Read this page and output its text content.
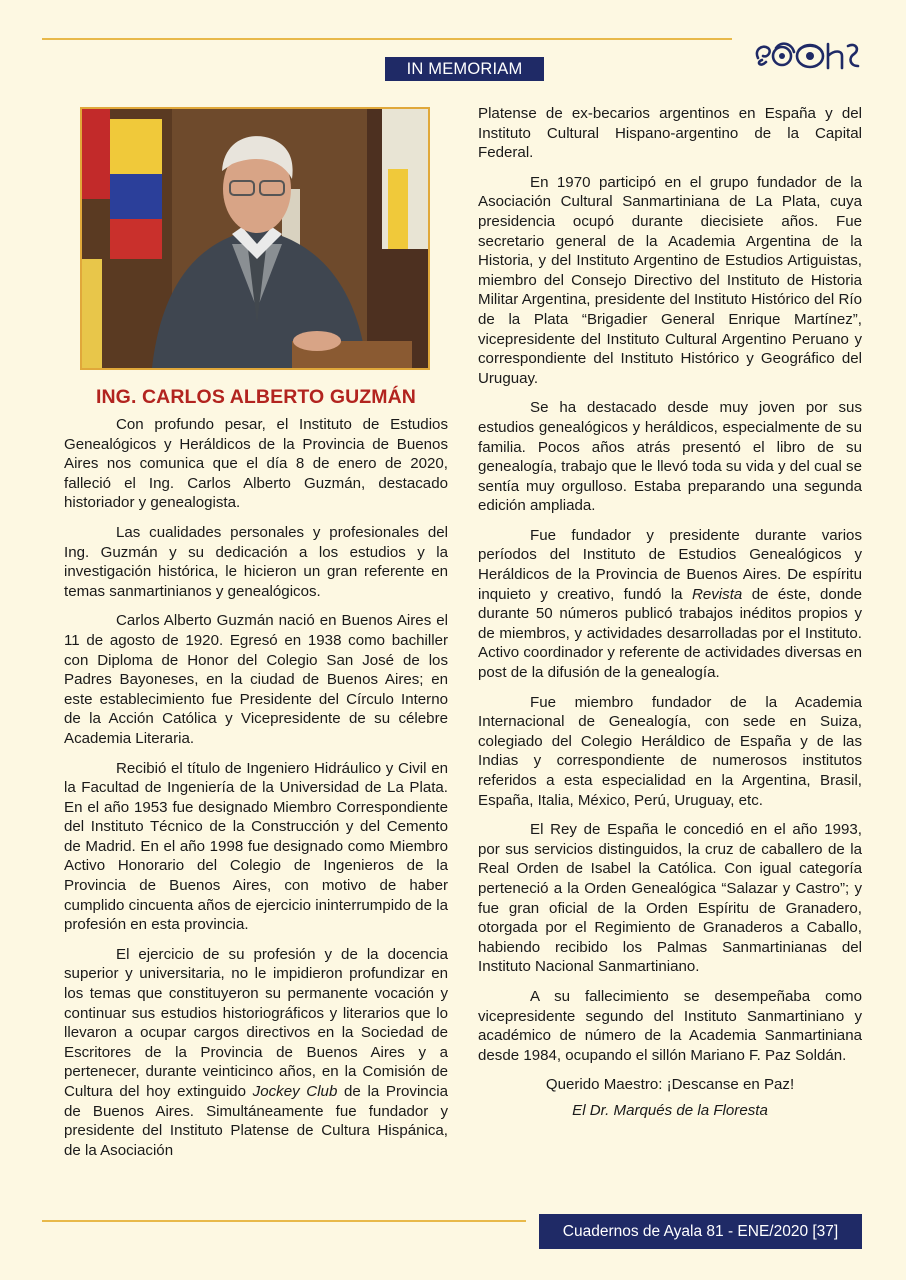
IN MEMORIAM
ING. CARLOS ALBERTO GUZMÁN

Con profundo pesar, el Instituto de Estudios Genealógicos y Heráldicos de la Provincia de Buenos Aires nos comunica que el día 8 de enero de 2020, falleció el Ing. Carlos Alberto Guzmán, destacado historiador y genealogista.

Las cualidades personales y profesionales del Ing. Guzmán y su dedicación a los estudios y la investigación histórica, le hicieron un gran referente en temas sanmartinianos y genealógicos.

Carlos Alberto Guzmán nació en Buenos Aires el 11 de agosto de 1920. Egresó en 1938 como bachiller con Diploma de Honor del Colegio San José de los Padres Bayoneses, en la ciudad de Buenos Aires; en este establecimiento fue Presidente del Círculo Interno de la Acción Católica y Vicepresidente de su célebre Academia Literaria.

Recibió el título de Ingeniero Hidráulico y Civil en la Facultad de Ingeniería de la Universidad de La Plata. En el año 1953 fue designado Miembro Correspondiente del Instituto Técnico de la Construcción y del Cemento de Madrid. En el año 1998 fue designado como Miembro Activo Honorario del Colegio de Ingenieros de la Provincia de Buenos Aires, con motivo de haber cumplido cincuenta años de ejercicio ininterrumpido de la profesión en esta provincia.

El ejercicio de su profesión y de la docencia superior y universitaria, no le impidieron profundizar en los temas que constituyeron su permanente vocación y continuar sus estudios historiográficos y literarios que lo llevaron a ocupar cargos directivos en la Sociedad de Escritores de la Provincia de Buenos Aires y a pertenecer, durante veinticinco años, en la Comisión de Cultura del hoy extinguido Jockey Club de la Provincia de Buenos Aires. Simultáneamente fue fundador y presidente del Instituto Platense de Cultura Hispánica, de la Asociación

Platense de ex-becarios argentinos en España y del Instituto Cultural Hispano-argentino de la Capital Federal.

En 1970 participó en el grupo fundador de la Asociación Cultural Sanmartiniana de La Plata, cuya presidencia ocupó durante diecisiete años. Fue secretario general de la Academia Argentina de la Historia, y del Instituto Argentino de Estudios Artiguistas, miembro del Consejo Directivo del Instituto de Historia Militar Argentina, presidente del Instituto Histórico del Río de la Plata “Brigadier General Enrique Martínez”, vicepresidente del Instituto Cultural Argentino Peruano y correspondiente del Instituto Histórico y Geográfico del Uruguay.

Se ha destacado desde muy joven por sus estudios genealógicos y heráldicos, especialmente de su familia. Pocos años atrás presentó el libro de su genealogía, trabajo que le llevó toda su vida y del cual se sentía muy orgulloso. Estaba preparando una segunda edición ampliada.

Fue fundador y presidente durante varios períodos del Instituto de Estudios Genealógicos y Heráldicos de la Provincia de Buenos Aires. De espíritu inquieto y creativo, fundó la Revista de éste, donde durante 50 números publicó trabajos inéditos propios y de miembros, y actividades desarrolladas por el Instituto. Activo coordinador y referente de actividades diversas en post de la difusión de la genealogía.

Fue miembro fundador de la Academia Internacional de Genealogía, con sede en Suiza, colegiado del Colegio Heráldico de España y de las Indias y correspondiente de numerosos institutos referidos a esta especialidad en la Argentina, Brasil, España, Italia, México, Perú, Uruguay, etc.

El Rey de España le concedió en el año 1993, por sus servicios distinguidos, la cruz de caballero de la Real Orden de Isabel la Católica. Con igual categoría perteneció a la Orden Genealógica “Salazar y Castro”; y fue gran oficial de la Orden Espíritu de Granadero, otorgada por el Regimiento de Granaderos a Caballo, habiendo recibido los Palmas Sanmartinianas del Instituto Nacional Sanmartiniano.

A su fallecimiento se desempeñaba como vicepresidente segundo del Instituto Sanmartiniano y académico de número de la Academia Sanmartiniana desde 1984, ocupando el sillón Mariano F. Paz Soldán.

Querido Maestro: ¡Descanse en Paz!

El Dr. Marqués de la Floresta

Cuadernos de Ayala 81 - ENE/2020 [37]
